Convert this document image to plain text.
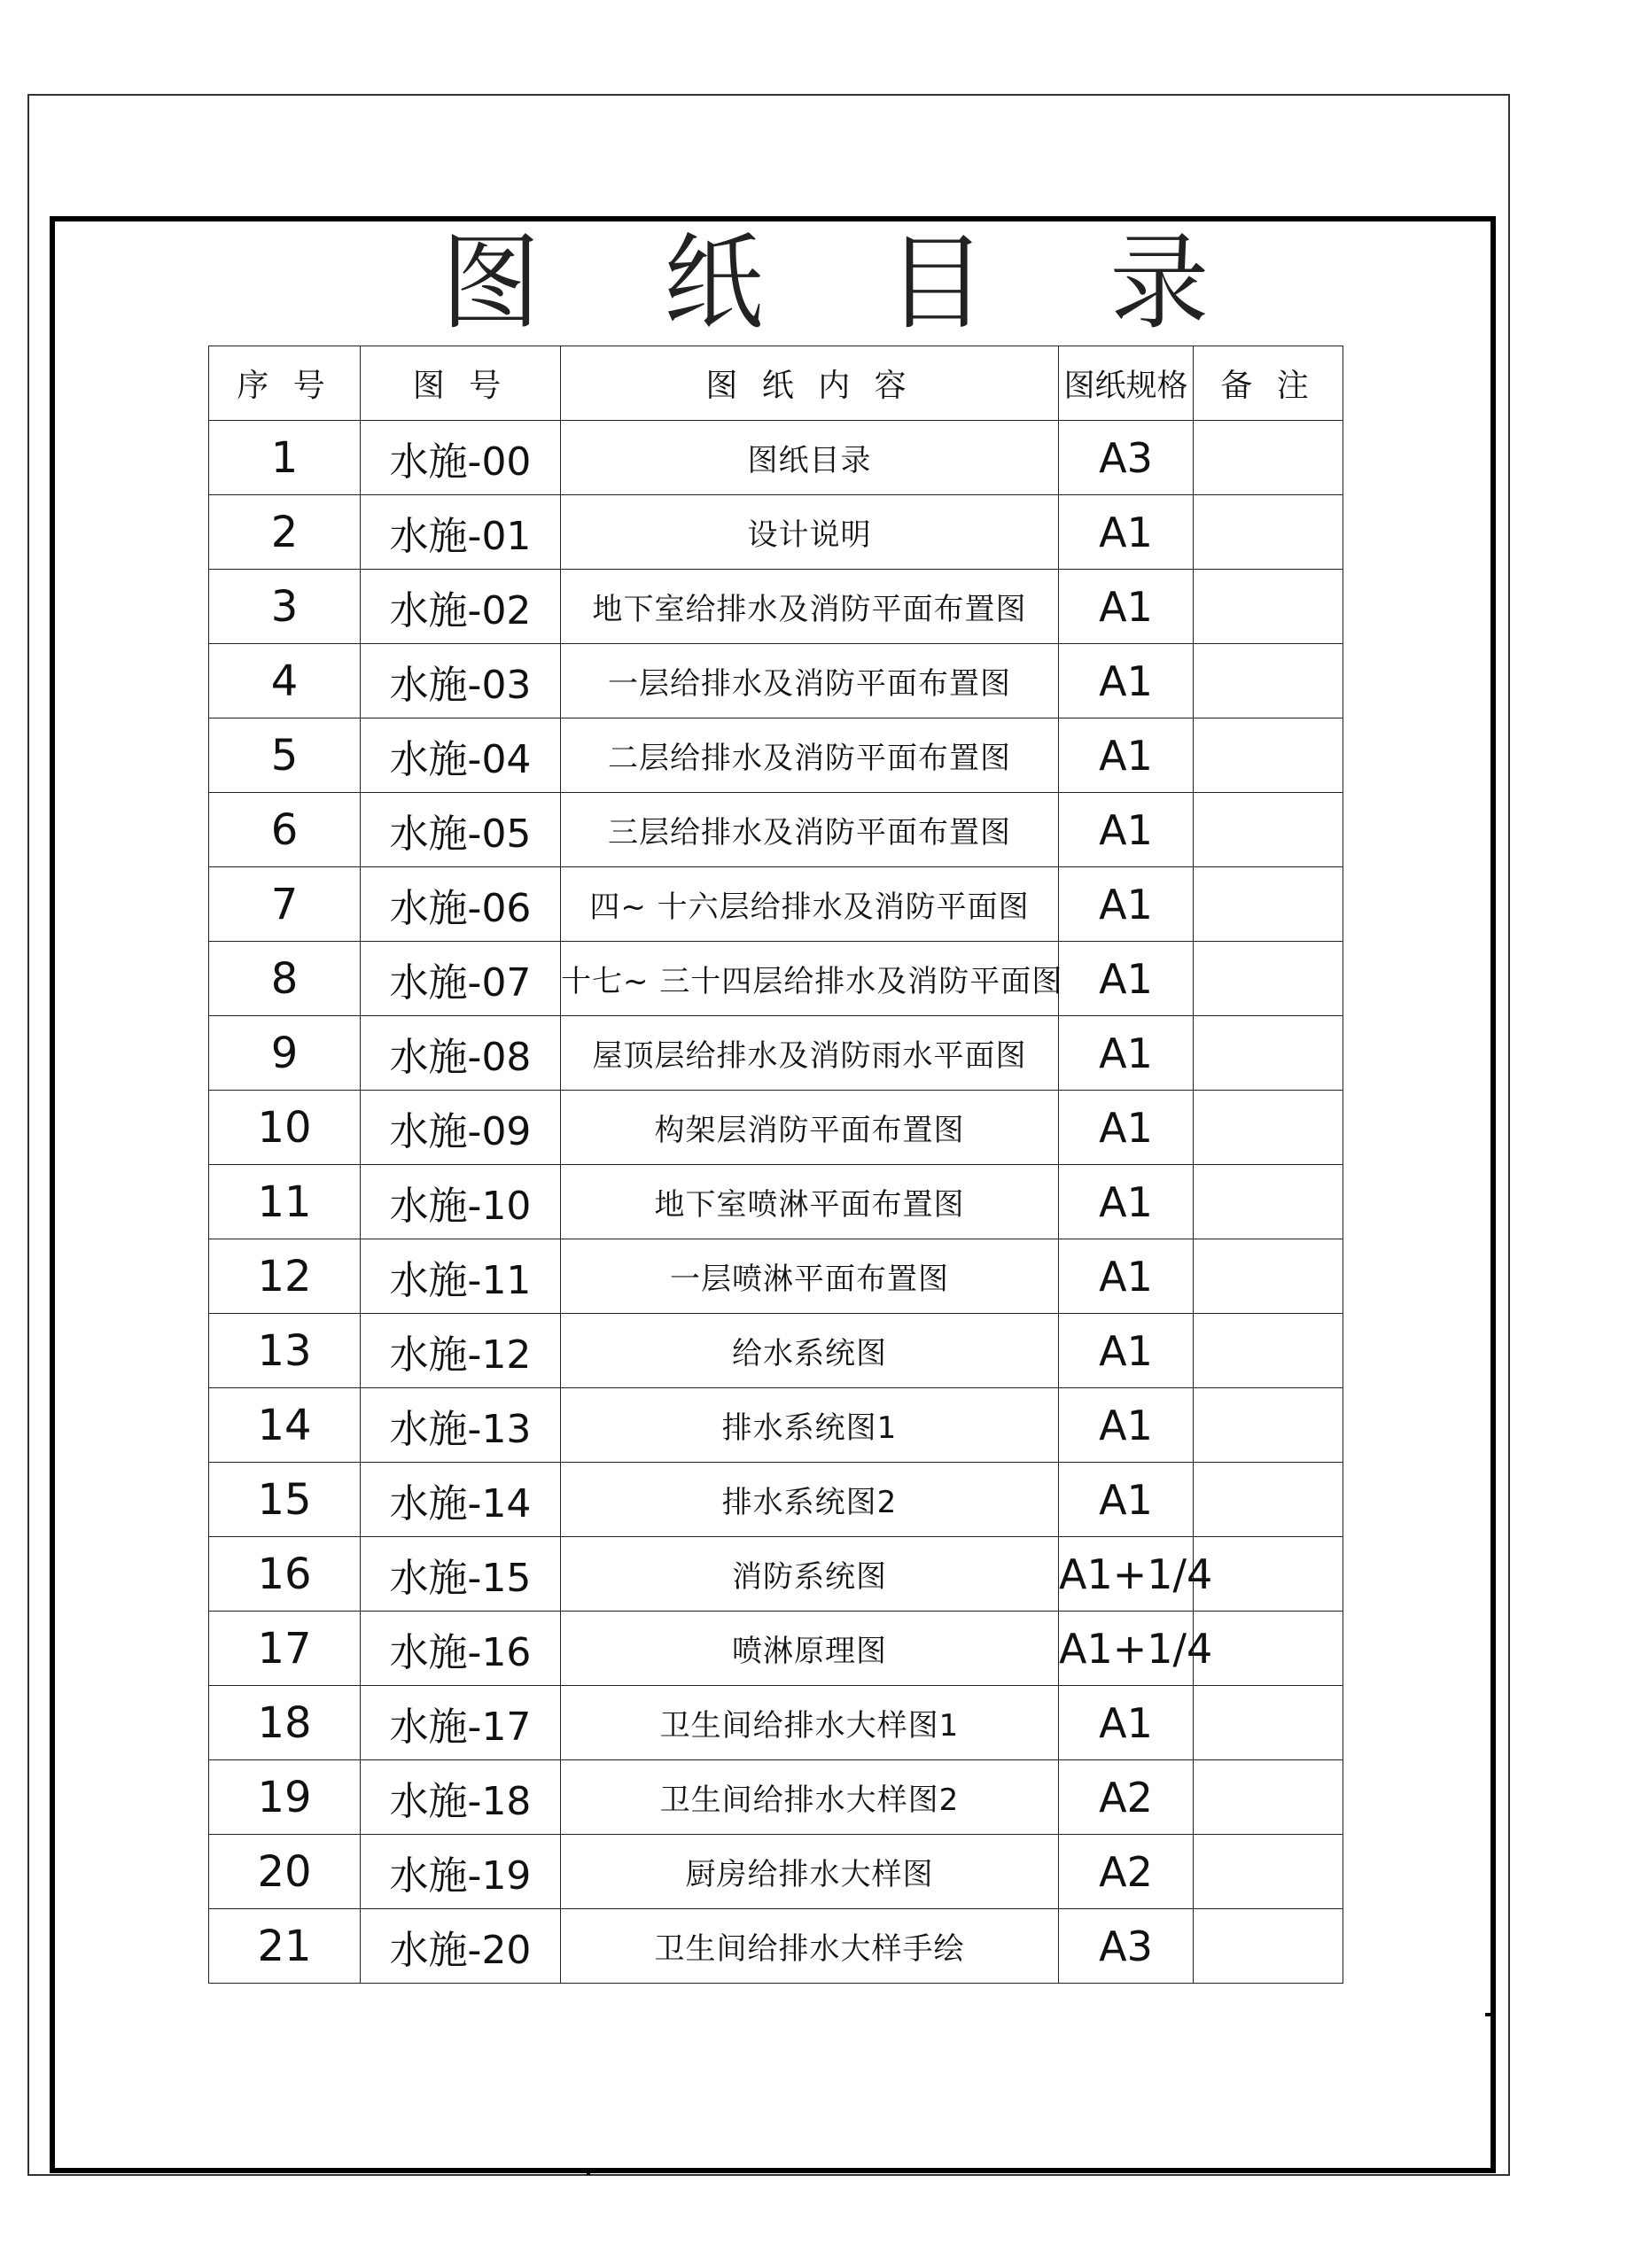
图 纸 目 录
序 号	图 号	图 纸 内 容	图纸规格	备 注
1	水施-00	图纸目录	A3	
2	水施-01	设计说明	A1	
3	水施-02	地下室给排水及消防平面布置图	A1	
4	水施-03	一层给排水及消防平面布置图	A1	
5	水施-04	二层给排水及消防平面布置图	A1	
6	水施-05	三层给排水及消防平面布置图	A1	
7	水施-06	四~ 十六层给排水及消防平面图	A1	
8	水施-07	十七~ 三十四层给排水及消防平面图	A1	
9	水施-08	屋顶层给排水及消防雨水平面图	A1	
10	水施-09	构架层消防平面布置图	A1	
11	水施-10	地下室喷淋平面布置图	A1	
12	水施-11	一层喷淋平面布置图	A1	
13	水施-12	给水系统图	A1	
14	水施-13	排水系统图1	A1	
15	水施-14	排水系统图2	A1	
16	水施-15	消防系统图	A1+1/4	
17	水施-16	喷淋原理图	A1+1/4	
18	水施-17	卫生间给排水大样图1	A1	
19	水施-18	卫生间给排水大样图2	A2	
20	水施-19	厨房给排水大样图	A2	
21	水施-20	卫生间给排水大样手绘	A3	
